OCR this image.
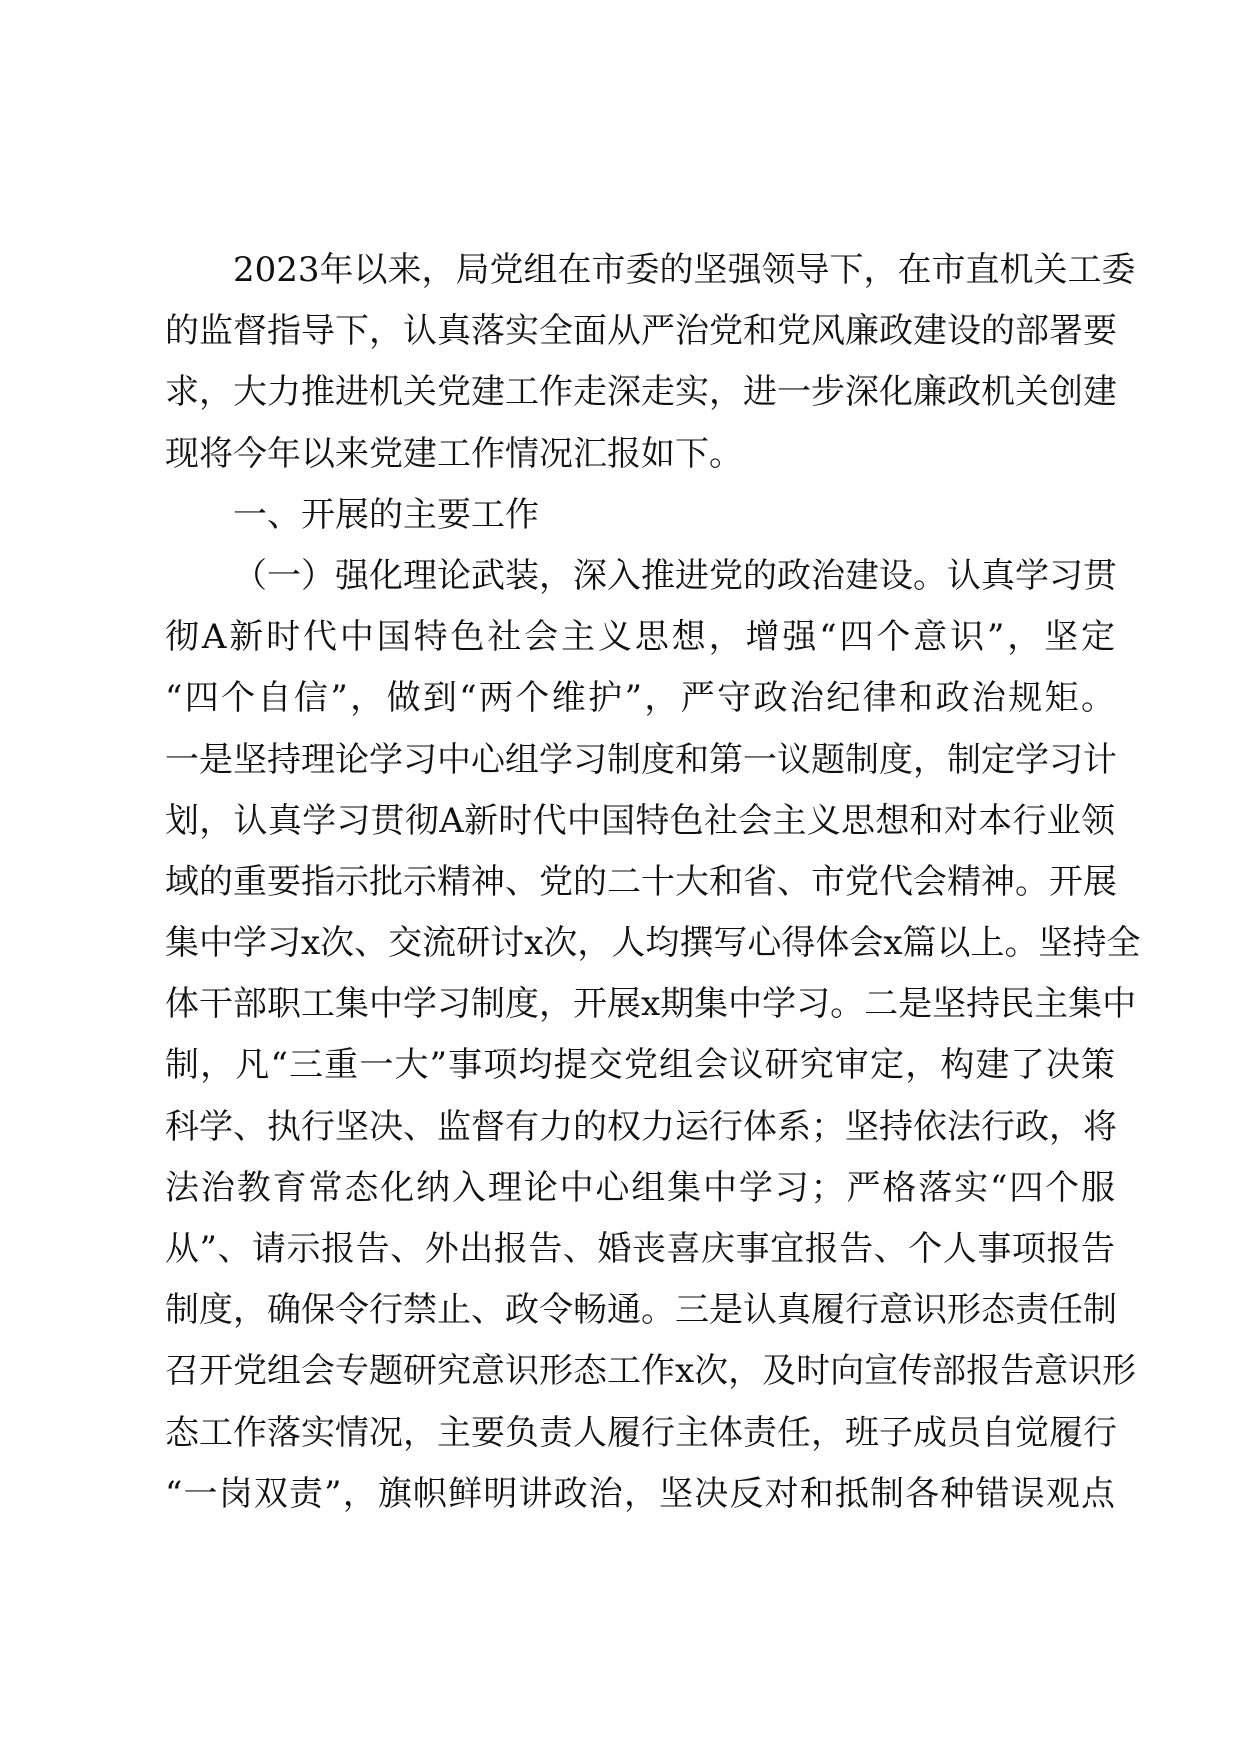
2023年以来，局党组在市委的坚强领导下，在市直机关工委
的监督指导下，认真落实全面从严治党和党风廉政建设的部署要
求，大力推进机关党建工作走深走实，进一步深化廉政机关创建
现将今年以来党建工作情况汇报如下。
一、开展的主要工作
（一）强化理论武装，深入推进党的政治建设。认真学习贯
彻A新时代中国特色社会主义思想，增强“四个意识”，坚定
“四个自信”，做到“两个维护”，严守政治纪律和政治规矩。
一是坚持理论学习中心组学习制度和第一议题制度，制定学习计
划，认真学习贯彻A新时代中国特色社会主义思想和对本行业领
域的重要指示批示精神、党的二十大和省、市党代会精神。开展
集中学习x次、交流研讨x次，人均撰写心得体会x篇以上。坚持全
体干部职工集中学习制度，开展x期集中学习。二是坚持民主集中
制，凡“三重一大”事项均提交党组会议研究审定，构建了决策
科学、执行坚决、监督有力的权力运行体系；坚持依法行政，将
法治教育常态化纳入理论中心组集中学习；严格落实“四个服
从”、请示报告、外出报告、婚丧喜庆事宜报告、个人事项报告
制度，确保令行禁止、政令畅通。三是认真履行意识形态责任制
召开党组会专题研究意识形态工作x次，及时向宣传部报告意识形
态工作落实情况，主要负责人履行主体责任，班子成员自觉履行
“一岗双责”，旗帜鲜明讲政治，坚决反对和抵制各种错误观点
